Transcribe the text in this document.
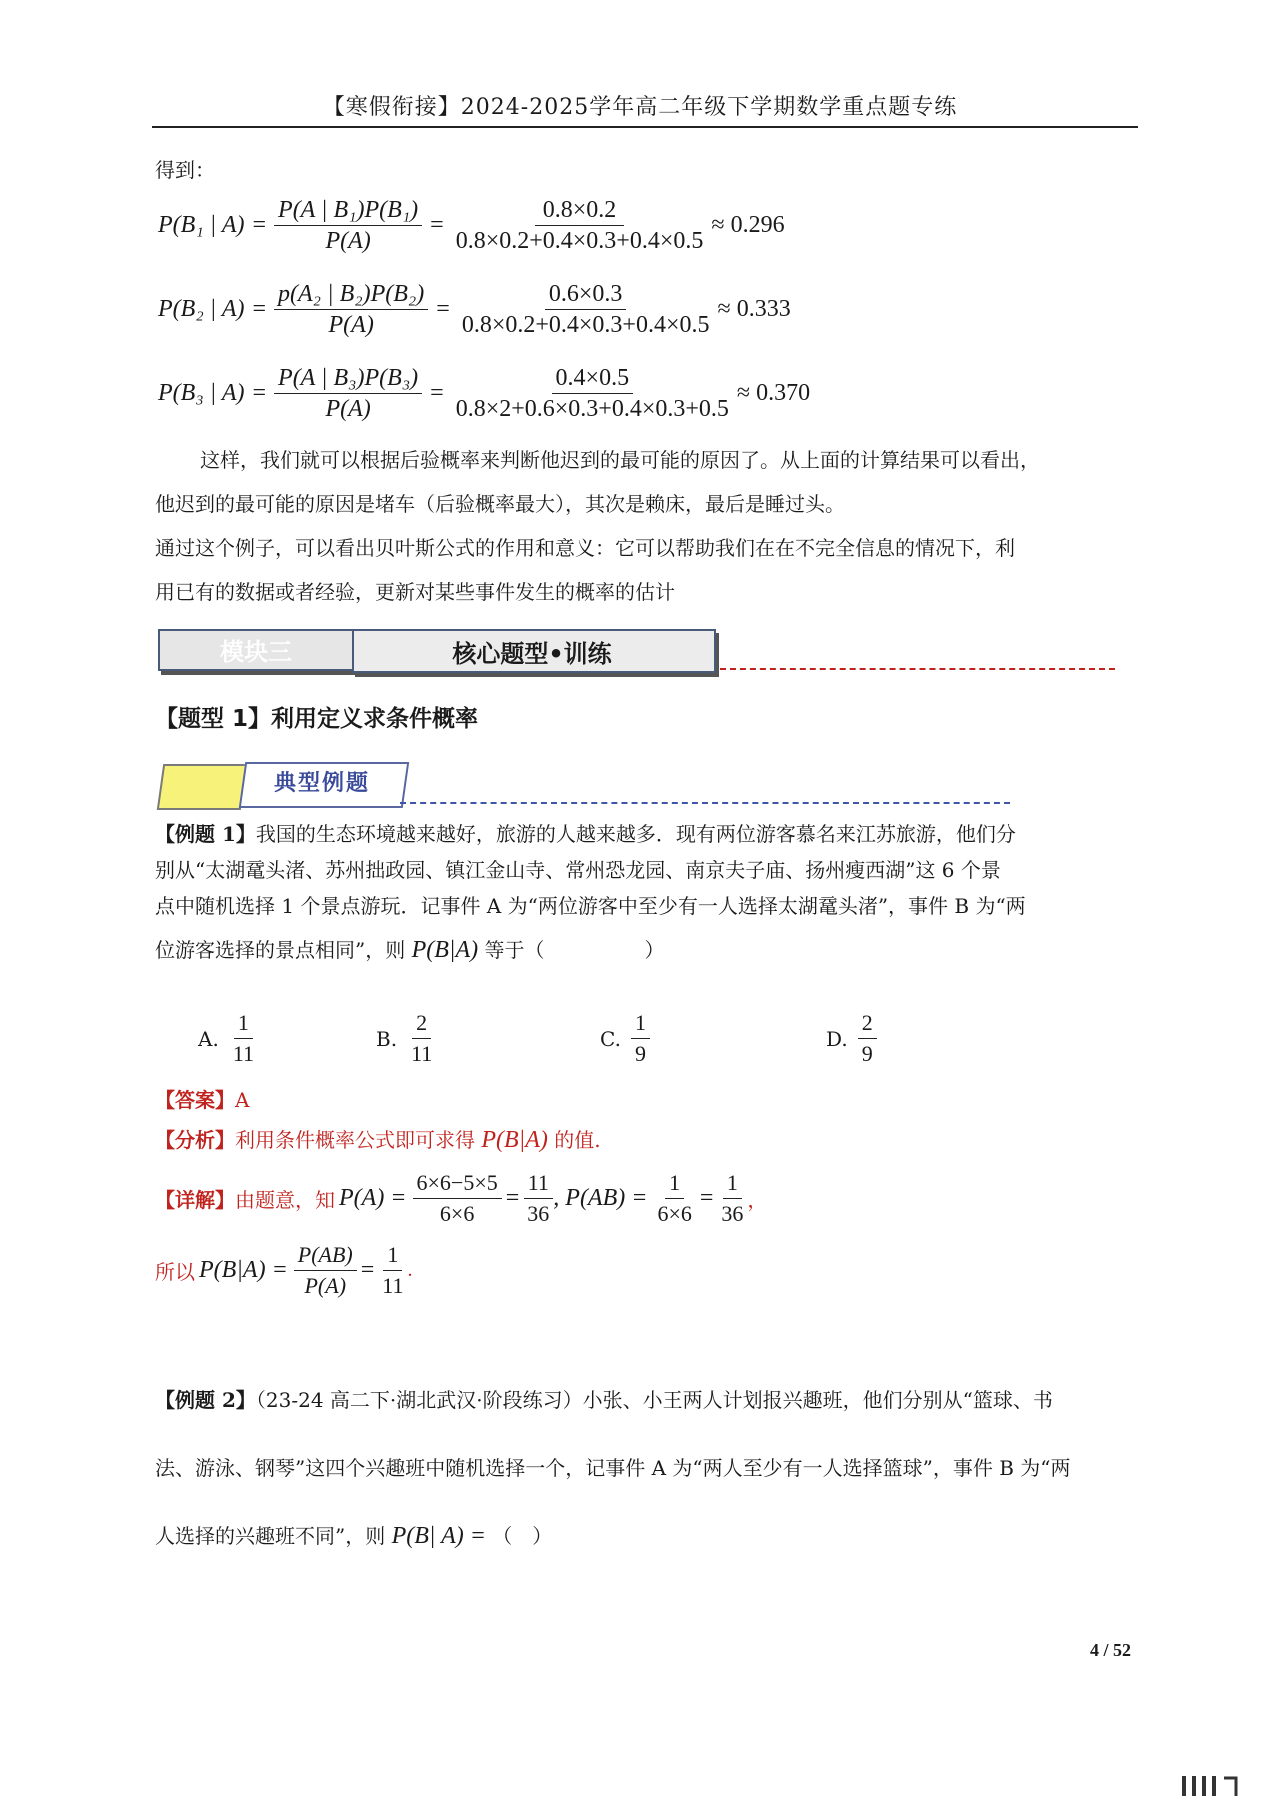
【寒假衔接】2024-2025学年高二年级下学期数学重点题专练
得到：
P(B₁ | $A) = \frac{\text{P(A | B₁)P(B₁)}}{P(A)} = \frac{0.8\times 0.2}{0.8\times 0.2+0.4\times 0.3+0.4\times 0.5} \approx 0.296$
P(B₂ | $A) = \frac{\text{p(A₂ | B₂)P(B₂)}}{P(A)} = \frac{0.6\times 0.3}{0.8\times 0.2+0.4\times 0.3+0.4\times 0.5} \approx 0.333$
P(B₃ | $A) = \frac{\text{P(A | B₃)P(B₃)}}{P(A)} = \frac{0.4\times 0.5}{0.8\times 2+0.6\times 0.3+0.4\times 0.3+0.5} \approx 0.370$
这样，我们就可以根据后验概率来判断他迟到的最可能的原因了。从上面的计算结果可以看出，
他迟到的最可能的原因是堵车（后验概率最大），其次是赖床，最后是睡过头。
通过这个例子，可以看出贝叶斯公式的作用和意义：它可以帮助我们在在不完全信息的情况下，利
用已有的数据或者经验，更新对某些事件发生的概率的估计
模块三	核心题型•训练
【题型 1】利用定义求条件概率
典型例题
【例题 1】我国的生态环境越来越好，旅游的人越来越多．现有两位游客慕名来江苏旅游，他们分
别从“太湖鼋头渚、苏州拙政园、镇江金山寺、常州恐龙园、南京夫子庙、扬州瘦西湖”这 6 个景
点中随机选择 1 个景点游玩．记事件 A 为“两位游客中至少有一人选择太湖鼋头渚”，事件 B 为“两
位游客选择的景点相同”，则 P(B|A) 等于（　　　　　）
A. $\frac{1}{11}$	B. $\frac{2}{11}$	C. $\frac{1}{9}$	D. $\frac{2}{9}$
【答案】A
【分析】利用条件概率公式即可求得 P(B|A) 的值.
【详解】 由题意，知 $P(A) = \frac{6\times 6-5\times 5}{6\times 6} = \frac{11}{36}$ , $P(AB) = \frac{1}{6\times 6} = \frac{1}{36}$ ，
所以 $P(B|A) = \frac{P(AB)}{P(A)} = \frac{1}{11}$ .
【例题 2】（23-24 高二下·湖北武汉·阶段练习）小张、小王两人计划报兴趣班，他们分别从“篮球、书
法、游泳、钢琴”这四个兴趣班中随机选择一个，记事件 A 为“两人至少有一人选择篮球”，事件 B 为“两
人选择的兴趣班不同”，则 P(B| A) = （　）
4 / 52
